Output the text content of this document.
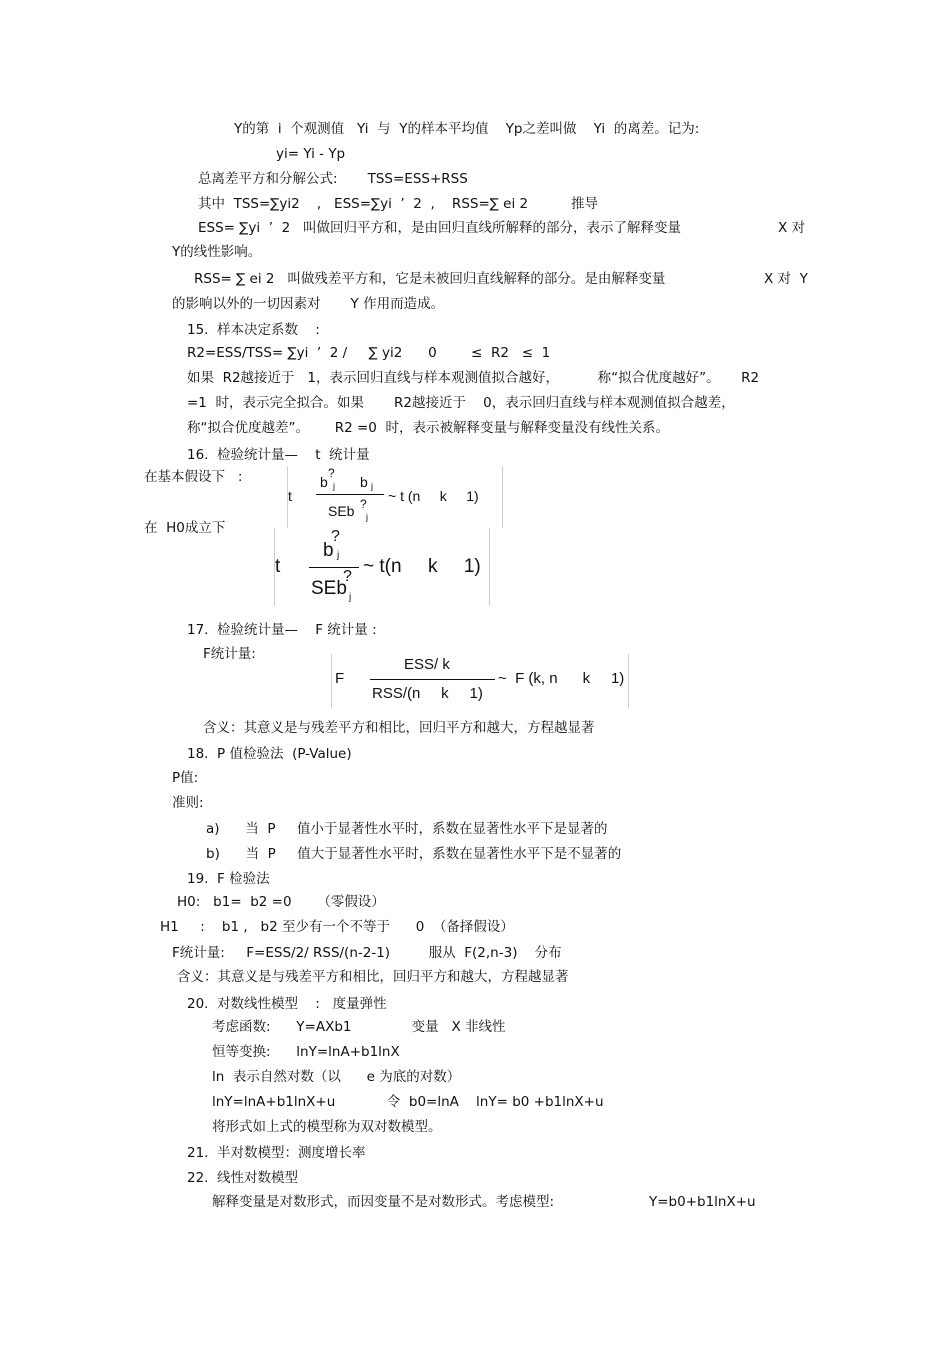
Y的第  i  个观测值   Yi  与  Y的样本平均值    Yp之差叫做    Yi  的离差。记为:
yi= Yi - Yp
总离差平方和分解公式:       TSS=ESS+RSS
其中  TSS=∑yi2    ,   ESS=∑yi  ’  2  ,    RSS=∑ ei 2          推导
ESS= ∑yi  ’  2   叫做回归平方和，是由回归直线所解释的部分，表示了解释变量	X 对
Y的线性影响。
RSS= ∑ ei 2   叫做残差平方和，它是未被回归直线解释的部分。是由解释变量	X 对  Y
的影响以外的一切因素对       Y 作用而造成。
15.  样本决定系数    :
R2=ESS/TSS= ∑yi  ’  2 /     ∑ yi2      0        ≤  R2   ≤  1
如果  R2越接近于   1，表示回归直线与样本观测值拟合越好，         称“拟合优度越好”。     R2
=1  时，表示完全拟合。如果       R2越接近于    0，表示回归直线与样本观测值拟合越差，
称“拟合优度越差”。      R2 =0  时，表示被解释变量与解释变量没有线性关系。
16.  检验统计量—    t  统计量
在基本假设下   :
在  H0成立下
t
b
?
j b j
SEb ?
j
~ t (n     k     1)
t
b
?
j
SEb
?
j
~ t(n     k     1)
17.  检验统计量—    F 统计量 :
F统计量:
F
ESS/ k
RSS/(n     k     1)
~  F (k, n      k     1)
含义：其意义是与残差平方和相比，回归平方和越大，方程越显著
18.  P 值检验法  (P-Value)
P值:
准则:
a)      当  P     值小于显著性水平时，系数在显著性水平下是显著的
b)      当  P     值大于显著性水平时，系数在显著性水平下是不显著的
19.  F 检验法
H0:   b1=  b2 =0      （零假设）
H1     :    b1 ,   b2 至少有一个不等于      0  （备择假设）
F统计量:     F=ESS/2/ RSS/(n-2-1)         服从  F(2,n-3)    分布
含义：其意义是与残差平方和相比，回归平方和越大，方程越显著
20.  对数线性模型    :   度量弹性
考虑函数:      Y=AXb1              变量   X 非线性
恒等变换:      lnY=lnA+b1lnX
ln  表示自然对数（以      e 为底的对数）
lnY=lnA+b1lnX+u            令  b0=lnA    lnY= b0 +b1lnX+u
将形式如上式的模型称为双对数模型。
21.  半对数模型：测度增长率
22.  线性对数模型
解释变量是对数形式，而因变量不是对数形式。考虑模型:	Y=b0+b1lnX+u
